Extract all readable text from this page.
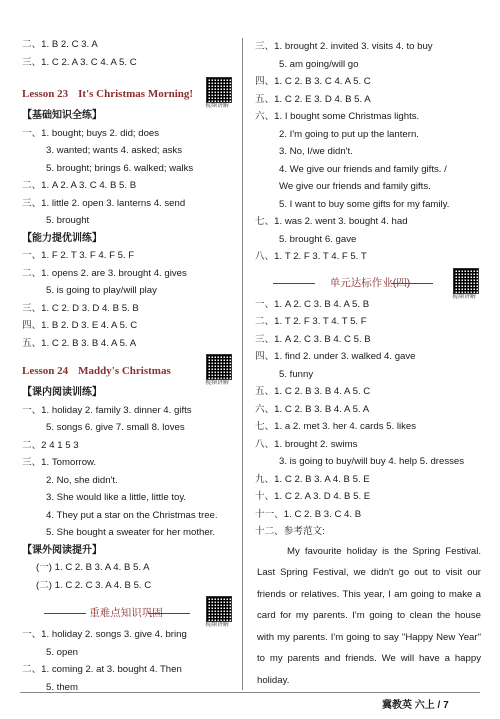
二、1. B 2. C 3. A
三、1. C 2. A 3. C 4. A 5. C
Lesson 23 It's Christmas Morning!
视频讲解
【基础知识全练】
一、1. bought; buys 2. did; does
3. wanted; wants 4. asked; asks
5. brought; brings 6. walked; walks
二、1. A 2. A 3. C 4. B 5. B
三、1. little 2. open 3. lanterns 4. send
5. brought
【能力提优训练】
一、1. F 2. T 3. F 4. F 5. F
二、1. opens 2. are 3. brought 4. gives
5. is going to play/will play
三、1. C 2. D 3. D 4. B 5. B
四、1. B 2. D 3. E 4. A 5. C
五、1. C 2. B 3. B 4. A 5. A
Lesson 24 Maddy's Christmas
视频讲解
【课内阅读训练】
一、1. holiday 2. family 3. dinner 4. gifts
5. songs 6. give 7. small 8. loves
二、2 4 1 5 3
三、1. Tomorrow.
2. No, she didn't.
3. She would like a little, little toy.
4. They put a star on the Christmas tree.
5. She bought a sweater for her mother.
【课外阅读提升】
(一) 1. C 2. B 3. A 4. B 5. A
(二) 1. C 2. C 3. A 4. B 5. C
重难点知识巩固
视频讲解
一、1. holiday 2. songs 3. give 4. bring
5. open
二、1. coming 2. at 3. bought 4. Then
5. them
三、1. brought 2. invited 3. visits 4. to buy
5. am going/will go
四、1. C 2. B 3. C 4. A 5. C
五、1. C 2. E 3. D 4. B 5. A
六、1. I bought some Christmas lights.
2. I'm going to put up the lantern.
3. No, I/we didn't.
4. We give our friends and family gifts. /
We give our friends and family gifts.
5. I want to buy some gifts for my family.
七、1. was 2. went 3. bought 4. had
5. brought 6. gave
八、1. T 2. F 3. T 4. F 5. T
单元达标作业(四)
视频讲解
一、1. A 2. C 3. B 4. A 5. B
二、1. T 2. F 3. T 4. T 5. F
三、1. A 2. C 3. B 4. C 5. B
四、1. find 2. under 3. walked 4. gave
5. funny
五、1. C 2. B 3. B 4. A 5. C
六、1. C 2. B 3. B 4. A 5. A
七、1. a 2. met 3. her 4. cards 5. likes
八、1. brought 2. swims
3. is going to buy/will buy 4. help 5. dresses
九、1. C 2. B 3. A 4. B 5. E
十、1. C 2. A 3. D 4. B 5. E
十一、1. C 2. B 3. C 4. B
十二、参考范文:

My favourite holiday is the Spring Festival. Last Spring Festival, we didn't go out to visit our friends or relatives. This year, I am going to make a card for my parents. I'm going to clean the house with my parents. I'm going to say "Happy New Year" to my parents and friends. We will have a happy holiday.

冀教英 六上 / 7
